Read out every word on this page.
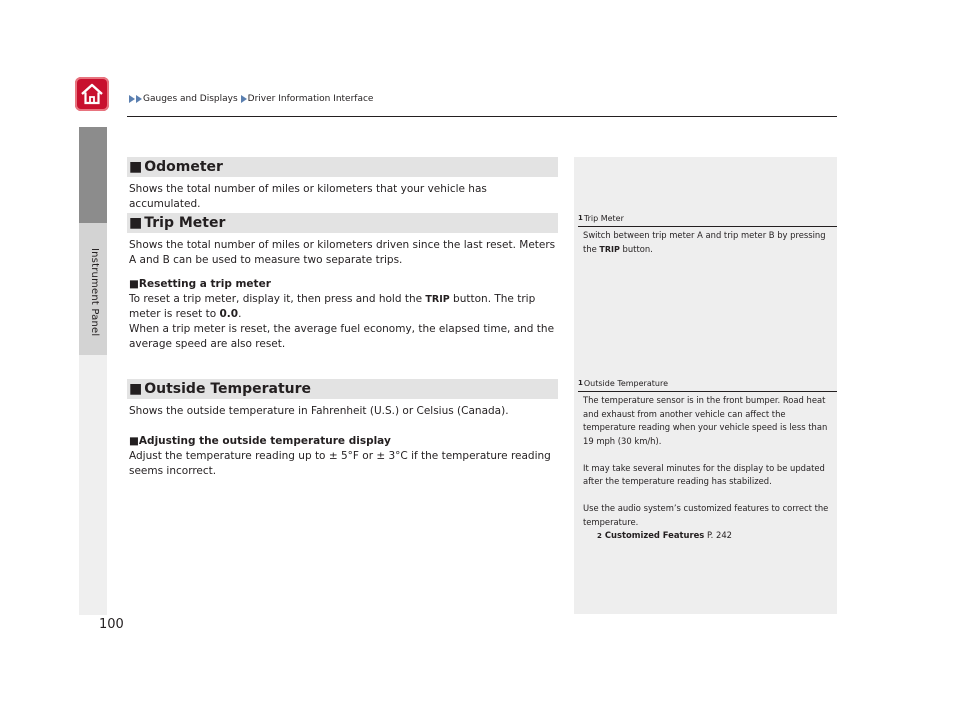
Instrument Panel
Gauges and Displays Driver Information Interface
■ Odometer
Shows the total number of miles or kilometers that your vehicle has accumulated.
■ Trip Meter

Shows the total number of miles or kilometers driven since the last reset. Meters A and B can be used to measure two separate trips.

■Resetting a trip meter

To reset a trip meter, display it, then press and hold the TRIP button. The trip meter is reset to 0.0.

When a trip meter is reset, the average fuel economy, the elapsed time, and the average speed are also reset.

■ Outside Temperature

Shows the outside temperature in Fahrenheit (U.S.) or Celsius (Canada).

■Adjusting the outside temperature display

Adjust the temperature reading up to ± 5°F or ± 3°C if the temperature reading seems incorrect.

1 Trip Meter
Switch between trip meter A and trip meter B by pressing the TRIP button.
1 Outside Temperature

The temperature sensor is in the front bumper. Road heat and exhaust from another vehicle can affect the temperature reading when your vehicle speed is less than 19 mph (30 km/h).

It may take several minutes for the display to be updated after the temperature reading has stabilized.

Use the audio system’s customized features to correct the temperature.

2 Customized Features P. 242

100
